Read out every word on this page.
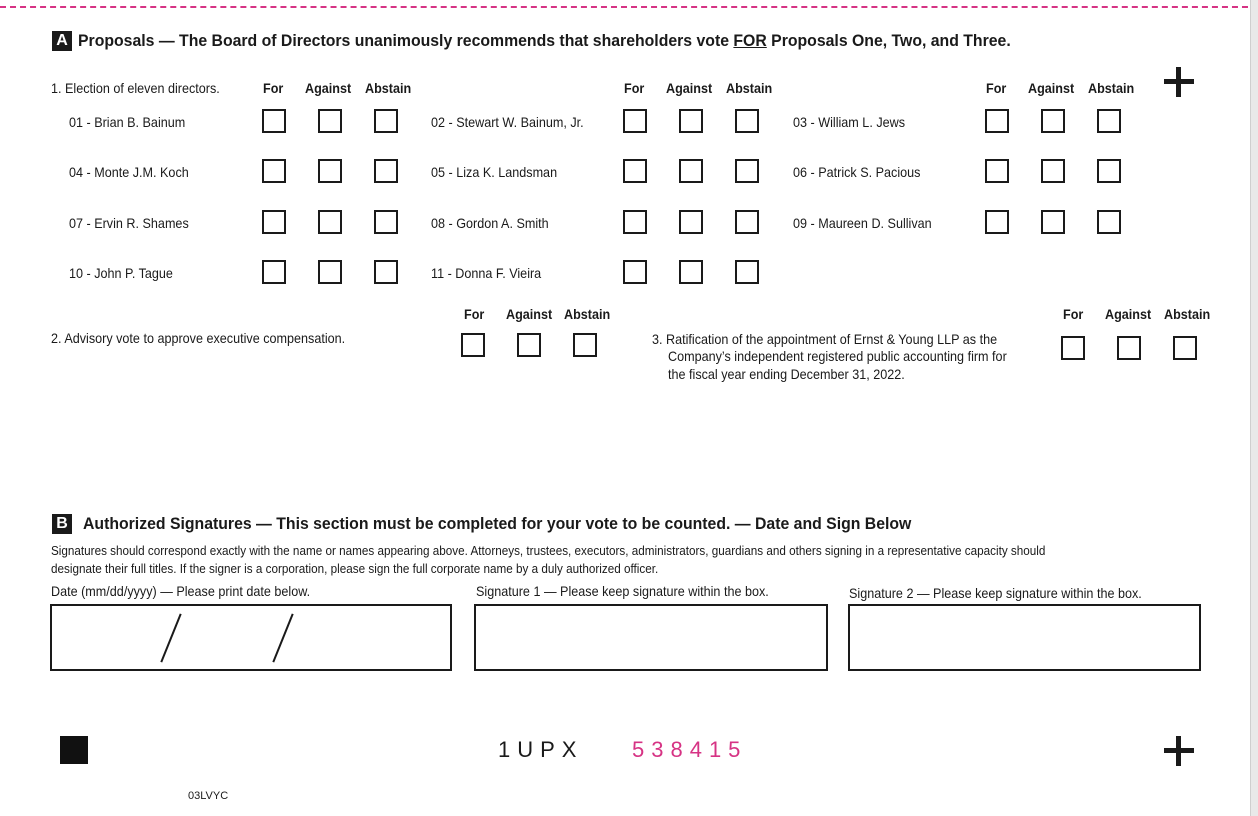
A Proposals — The Board of Directors unanimously recommends that shareholders vote FOR Proposals One, Two, and Three.
1. Election of eleven directors.	For Against Abstain	For Against Abstain	For Against Abstain
01 - Brian B. Bainum	02 - Stewart W. Bainum, Jr.	03 - William L. Jews
04 - Monte J.M. Koch	05 - Liza K. Landsman	06 - Patrick S. Pacious
07 - Ervin R. Shames	08 - Gordon A. Smith	09 - Maureen D. Sullivan
10 - John P. Tague	11 - Donna F. Vieira
For Against Abstain
2. Advisory vote to approve executive compensation.
For Against Abstain
3. Ratification of the appointment of Ernst & Young LLP as the
Company’s independent registered public accounting firm for
the fiscal year ending December 31, 2022.
B Authorized Signatures — This section must be completed for your vote to be counted. — Date and Sign Below
Signatures should correspond exactly with the name or names appearing above. Attorneys, trustees, executors, administrators, guardians and others signing in a representative capacity should
designate their full titles. If the signer is a corporation, please sign the full corporate name by a duly authorized officer.
Date (mm/dd/yyyy) — Please print date below.	Signature 1 — Please keep signature within the box.	Signature 2 — Please keep signature within the box.
1UPX 538415
03LVYC
